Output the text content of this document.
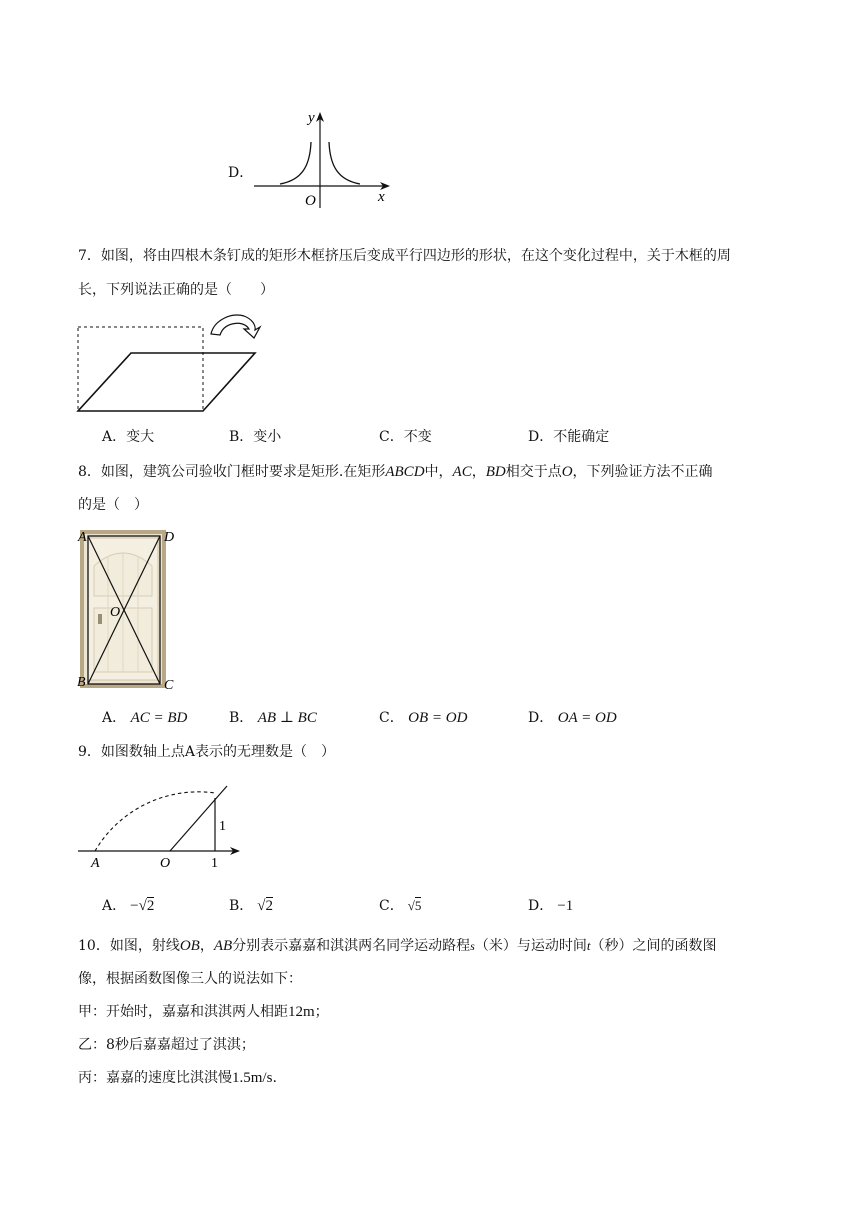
D．
y
x
O
7．如图，将由四根木条钉成的矩形木框挤压后变成平行四边形的形状，在这个变化过程中，关于木框的周
长，下列说法正确的是（　　）
A．变大	B．变小	C．不变	D．不能确定
8．如图，建筑公司验收门框时要求是矩形.在矩形ABCD中，AC，BD相交于点O，下列验证方法不正确
的是（　）
A	D
O
B	C
A． AC = BD	B． AB ⊥ BC	C． OB = OD	D． OA = OD
9．如图数轴上点A表示的无理数是（　）
A	O	1
1
A． −√2	B． √2	C． √5	D． −1
10．如图，射线OB，AB分别表示嘉嘉和淇淇两名同学运动路程s（米）与运动时间t（秒）之间的函数图
像，根据函数图像三人的说法如下：
甲：开始时，嘉嘉和淇淇两人相距12m；
乙：8秒后嘉嘉超过了淇淇；
丙：嘉嘉的速度比淇淇慢1.5m/s.
